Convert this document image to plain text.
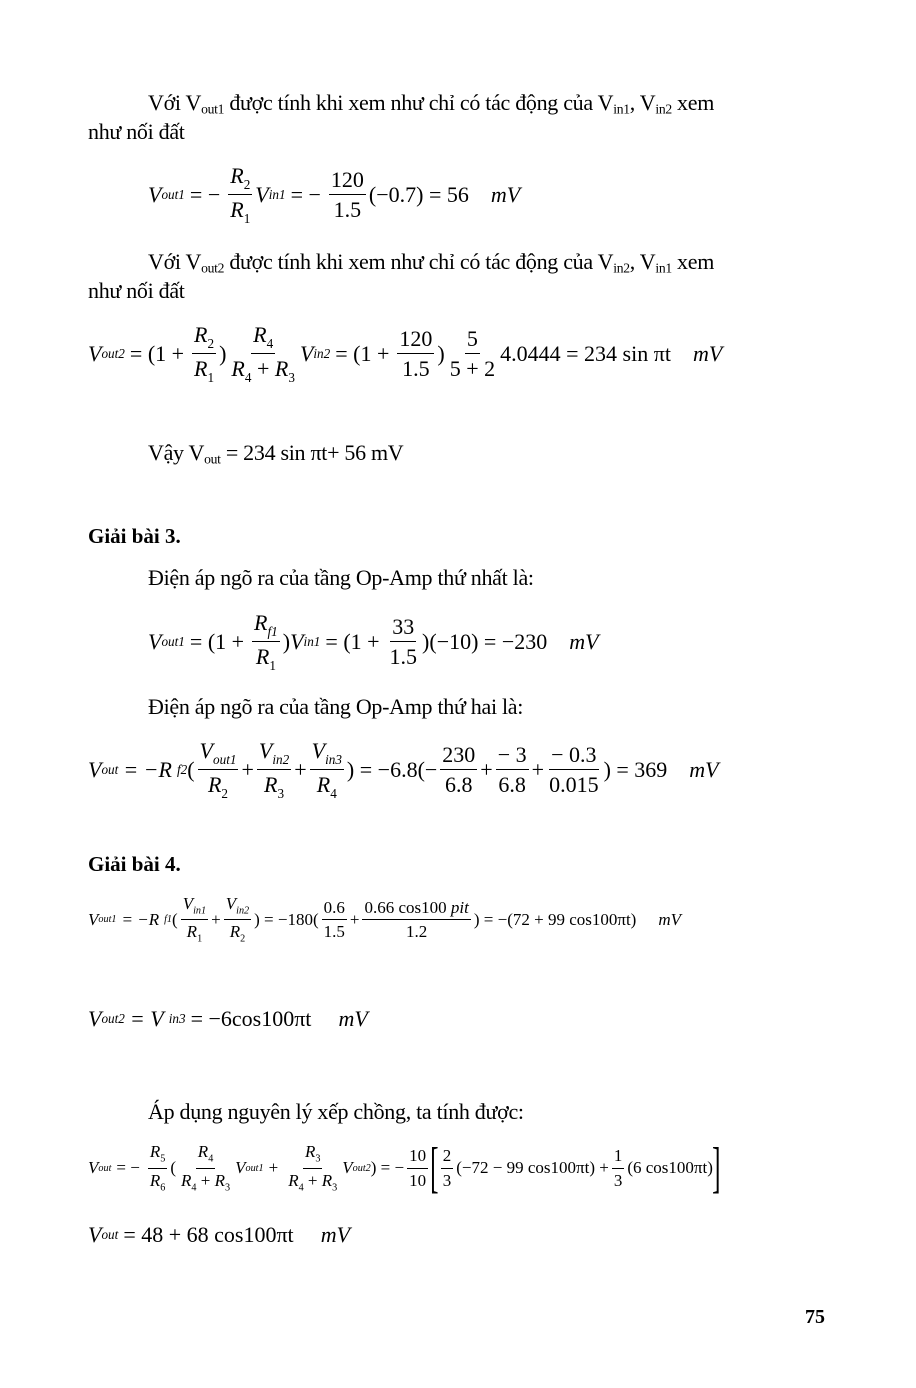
Với Vout1 được tính khi xem như chỉ có tác động của Vin1, Vin2 xem
như nối đất
V out1 = − $\frac{R_2}{R_1}$ V in1 = − $\frac{120}{1.5} (-0.7) = 56$ mV
Với Vout2 được tính khi xem như chỉ có tác động của Vin2, Vin1 xem
như nối đất
V $out2 = (1 + \frac{R_2}{R_1}$ ) $\frac{R_4}{R_4 + R_3}$ V $in2 = (1 + \frac{120}{1.5}$ ) $\frac{5}{5 + 2} 4.0444 = 234$ sin πt mV
Vậy Vout = 234 sin πt+ 56 mV
Giải bài 3.
Điện áp ngõ ra của tầng Op-Amp thứ nhất là:
V $out1 = (1 + \frac{R_{f1}}{R_1}$ ) V $in1 = (1 + \frac{33}{1.5} )(-10) = -230$ mV
Điện áp ngõ ra của tầng Op-Amp thứ hai là:
V out = −R f2 ( $\frac{V_{out1}}{R_2} + \frac{V_{in2}}{R_3} + \frac{V_{in3}}{R_4}$ ) = $-6.8(- \frac{230}{6.8} + \frac{- 3}{6.8} + \frac{- 0.3}{0.015}$ ) = 369 mV
Giải bài 4.
V out1 = −R f1 ( $\frac{V_{in1}}{R_1} + \frac{V_{in2}}{R_2}$ ) = $-180( \frac{0.6}{1.5} + \frac{\text{0.66 cos100 pit}}{1.2}$ ) = −(72 + 99 cos100πt) mV
V out2 = V in3 = −6cos100πt mV
Áp dụng nguyên lý xếp chồng, ta tính được:
V out = − $\frac{R_5}{R_6}$ ( $\frac{R_4}{R_4 + R_3}$ V $out1 + \frac{R_3}{R_4 + R_3}$ V out2 ) = − $\frac{10}{10}$ [ $\frac{2}{3} (-72 - 99$ $\cos 100\pi t) + \frac{1}{3} (6$ cos100πt) ]
V out = 48 + 68 cos100πt mV
75
